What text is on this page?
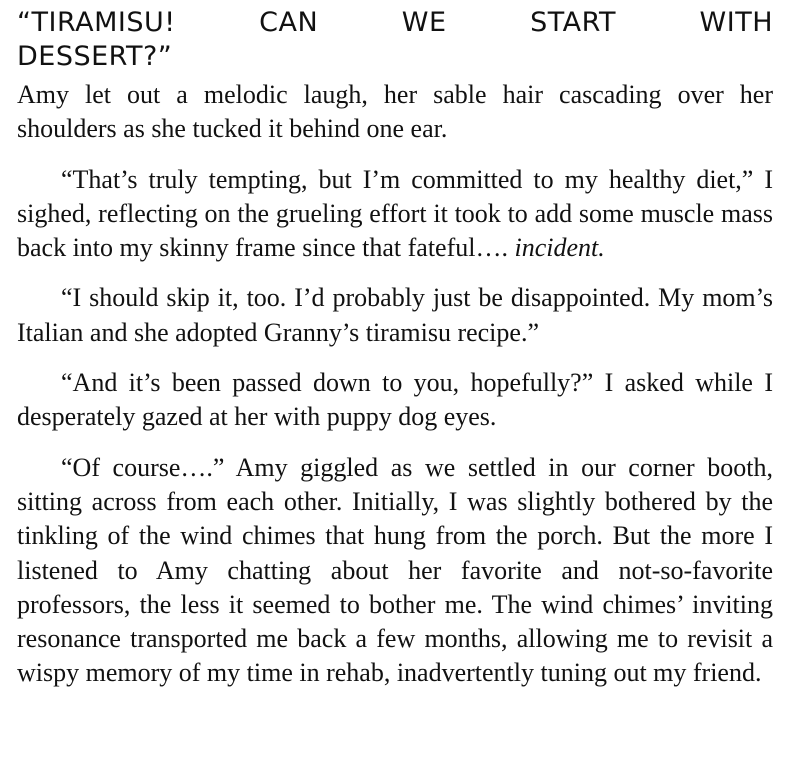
“TIRAMISU! CAN WE START WITH
DESSERT?”

Amy let out a melodic laugh, her sable hair cascading over her shoulders as she tucked it behind one ear.

“That’s truly tempting, but I’m committed to my healthy diet,” I sighed, reflecting on the grueling effort it took to add some muscle mass back into my skinny frame since that fateful…. incident.

“I should skip it, too. I’d probably just be disappointed. My mom’s Italian and she adopted Granny’s tiramisu recipe.”

“And it’s been passed down to you, hopefully?” I asked while I desperately gazed at her with puppy dog eyes.

“Of course….” Amy giggled as we settled in our corner booth, sitting across from each other. Initially, I was slightly bothered by the tinkling of the wind chimes that hung from the porch. But the more I listened to Amy chatting about her favorite and not-so-favorite professors, the less it seemed to bother me. The wind chimes’ inviting resonance transported me back a few months, allowing me to revisit a wispy memory of my time in rehab, inadvertently tuning out my friend.
